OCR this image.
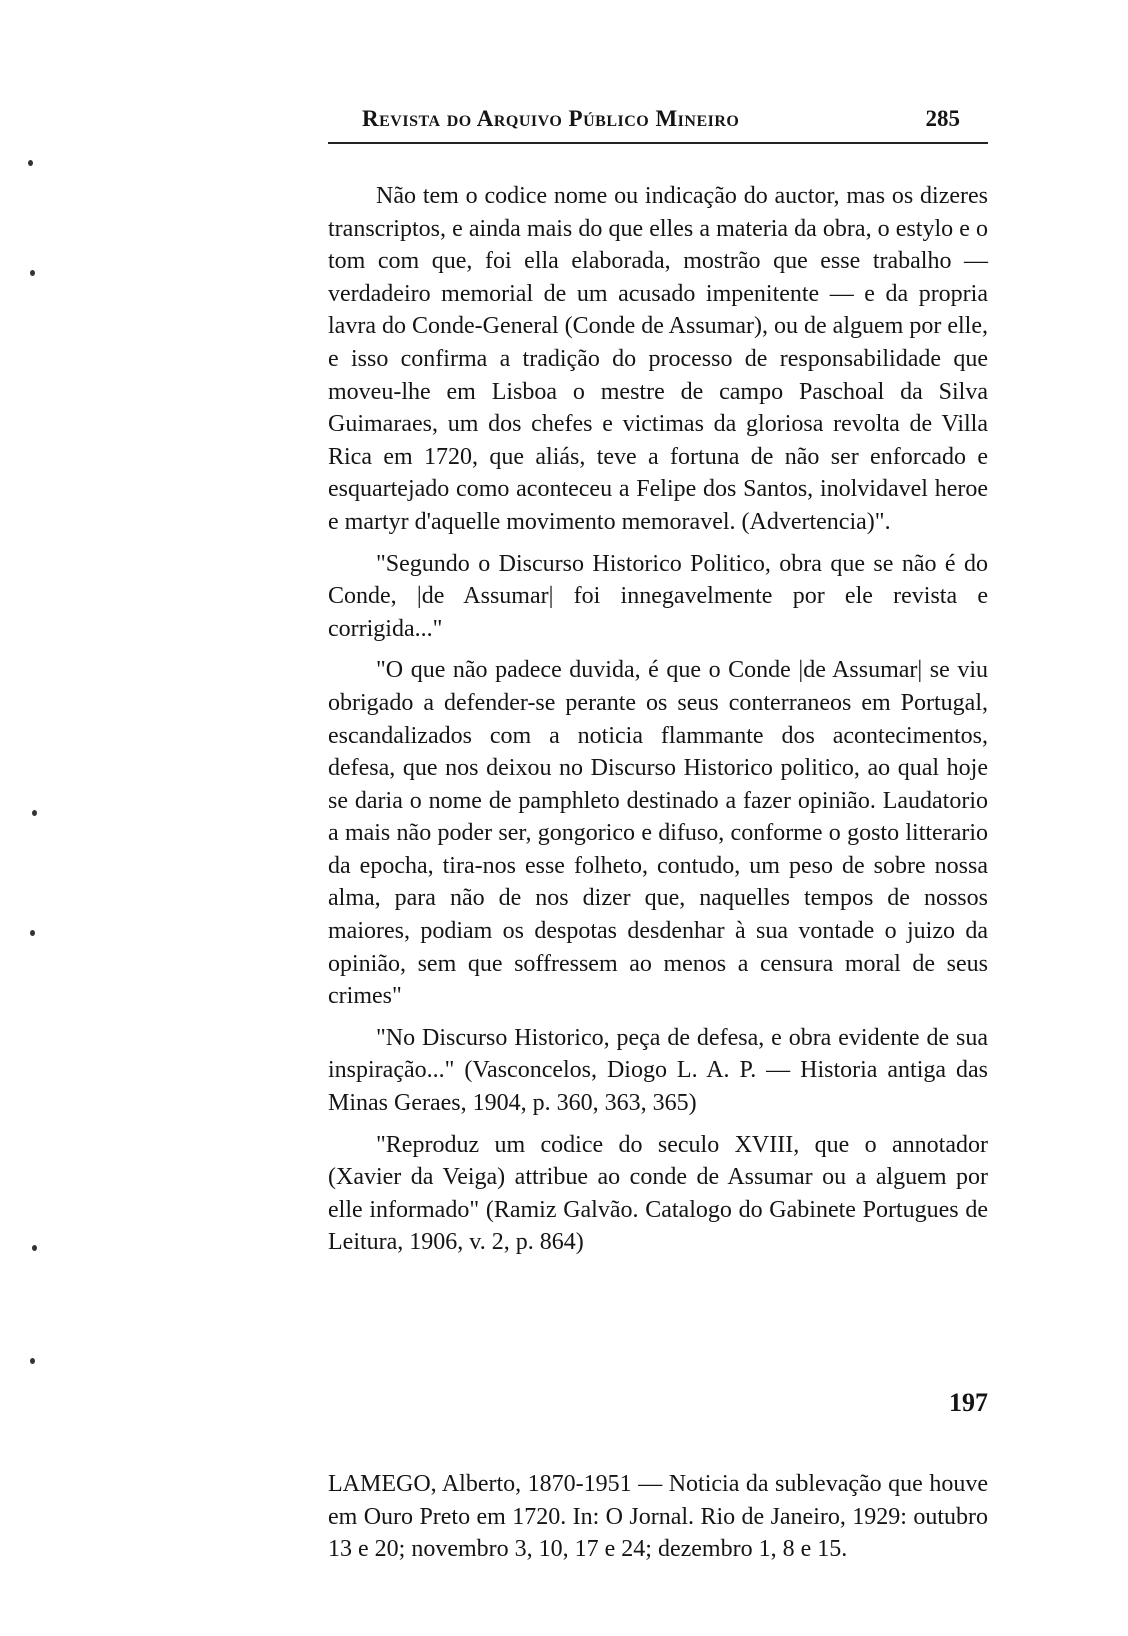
Revista do Arquivo Público Mineiro	285

Não tem o codice nome ou indicação do auctor, mas os dizeres transcriptos, e ainda mais do que elles a materia da obra, o estylo e o tom com que, foi ella elaborada, mostrão que esse trabalho — verdadeiro memorial de um acusado impenitente — e da propria lavra do Conde-General (Conde de Assumar), ou de alguem por elle, e isso confirma a tradição do processo de responsabilidade que moveu-lhe em Lisboa o mestre de campo Paschoal da Silva Guimaraes, um dos chefes e victimas da gloriosa revolta de Villa Rica em 1720, que aliás, teve a fortuna de não ser enforcado e esquartejado como aconteceu a Felipe dos Santos, inolvidavel heroe e martyr d'aquelle movimento memoravel. (Advertencia)".

"Segundo o Discurso Historico Politico, obra que se não é do Conde, |de Assumar| foi innegavelmente por ele revista e corrigida..."

"O que não padece duvida, é que o Conde |de Assumar| se viu obrigado a defender-se perante os seus conterraneos em Portugal, escandalizados com a noticia flammante dos acontecimentos, defesa, que nos deixou no Discurso Historico politico, ao qual hoje se daria o nome de pamphleto destinado a fazer opinião. Laudatorio a mais não poder ser, gongorico e difuso, conforme o gosto litterario da epocha, tira-nos esse folheto, contudo, um peso de sobre nossa alma, para não de nos dizer que, naquelles tempos de nossos maiores, podiam os despotas desdenhar à sua vontade o juizo da opinião, sem que soffressem ao menos a censura moral de seus crimes"

"No Discurso Historico, peça de defesa, e obra evidente de sua inspiração..." (Vasconcelos, Diogo L. A. P. — Historia antiga das Minas Geraes, 1904, p. 360, 363, 365)

"Reproduz um codice do seculo XVIII, que o annotador (Xavier da Veiga) attribue ao conde de Assumar ou a alguem por elle informado" (Ramiz Galvão. Catalogo do Gabinete Portugues de Leitura, 1906, v. 2, p. 864)

197

LAMEGO, Alberto, 1870-1951 — Noticia da sublevação que houve em Ouro Preto em 1720. In: O Jornal. Rio de Janeiro, 1929: outubro 13 e 20; novembro 3, 10, 17 e 24; dezembro 1, 8 e 15.
